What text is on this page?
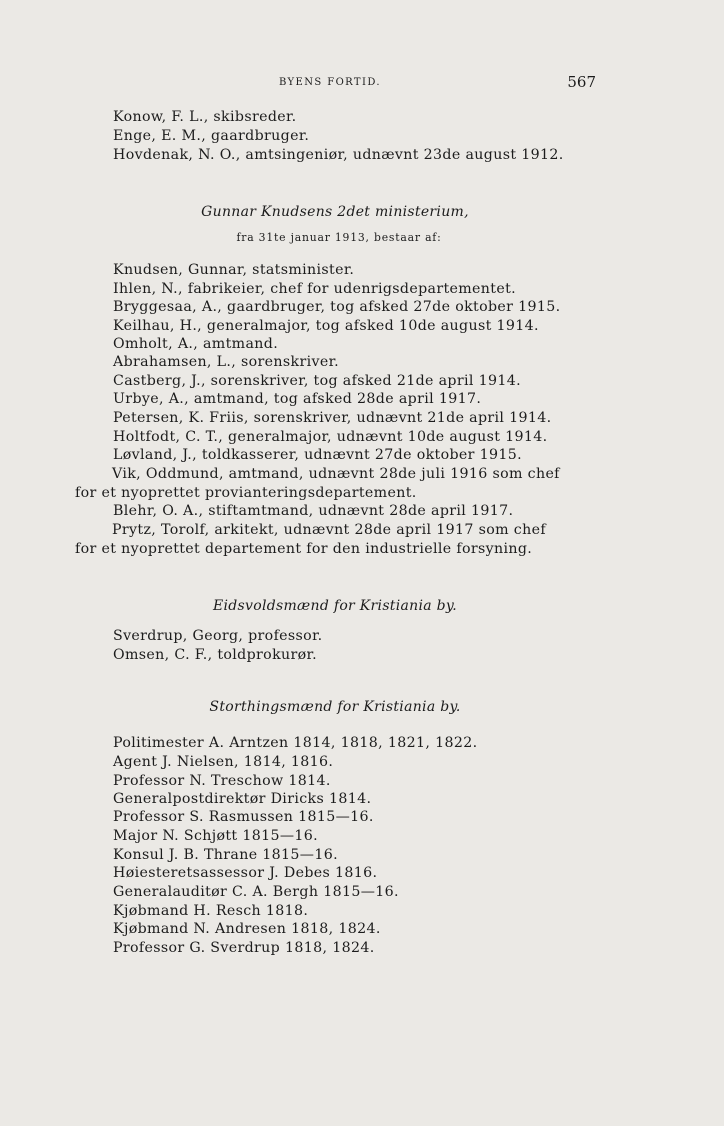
BYENS FORTID.	567
Konow, F. L., skibsreder.
Enge, E. M., gaardbruger.
Hovdenak, N. O., amtsingeniør, udnævnt 23de august 1912.
Gunnar Knudsens 2det ministerium,
fra 31te januar 1913, bestaar af:
Knudsen, Gunnar, statsminister.
Ihlen, N., fabrikeier, chef for udenrigsdepartementet.
Bryggesaa, A., gaardbruger, tog afsked 27de oktober 1915.
Keilhau, H., generalmajor, tog afsked 10de august 1914.
Omholt, A., amtmand.
Abrahamsen, L., sorenskriver.
Castberg, J., sorenskriver, tog afsked 21de april 1914.
Urbye, A., amtmand, tog afsked 28de april 1917.
Petersen, K. Friis, sorenskriver, udnævnt 21de april 1914.
Holtfodt, C. T., generalmajor, udnævnt 10de august 1914.
Løvland, J., toldkasserer, udnævnt 27de oktober 1915.
Vik, Oddmund, amtmand, udnævnt 28de juli 1916 som chef
for et nyoprettet provianteringsdepartement.
Blehr, O. A., stiftamtmand, udnævnt 28de april 1917.
Prytz, Torolf, arkitekt, udnævnt 28de april 1917 som chef
for et nyoprettet departement for den industrielle forsyning.
Eidsvoldsmænd for Kristiania by.
Sverdrup, Georg, professor.
Omsen, C. F., toldprokurør.
Storthingsmænd for Kristiania by.
Politimester A. Arntzen 1814, 1818, 1821, 1822.
Agent J. Nielsen, 1814, 1816.
Professor N. Treschow 1814.
Generalpostdirektør Diricks 1814.
Professor S. Rasmussen 1815—16.
Major N. Schjøtt 1815—16.
Konsul J. B. Thrane 1815—16.
Høiesteretsassessor J. Debes 1816.
Generalauditør C. A. Bergh 1815—16.
Kjøbmand H. Resch 1818.
Kjøbmand N. Andresen 1818, 1824.
Professor G. Sverdrup 1818, 1824.
